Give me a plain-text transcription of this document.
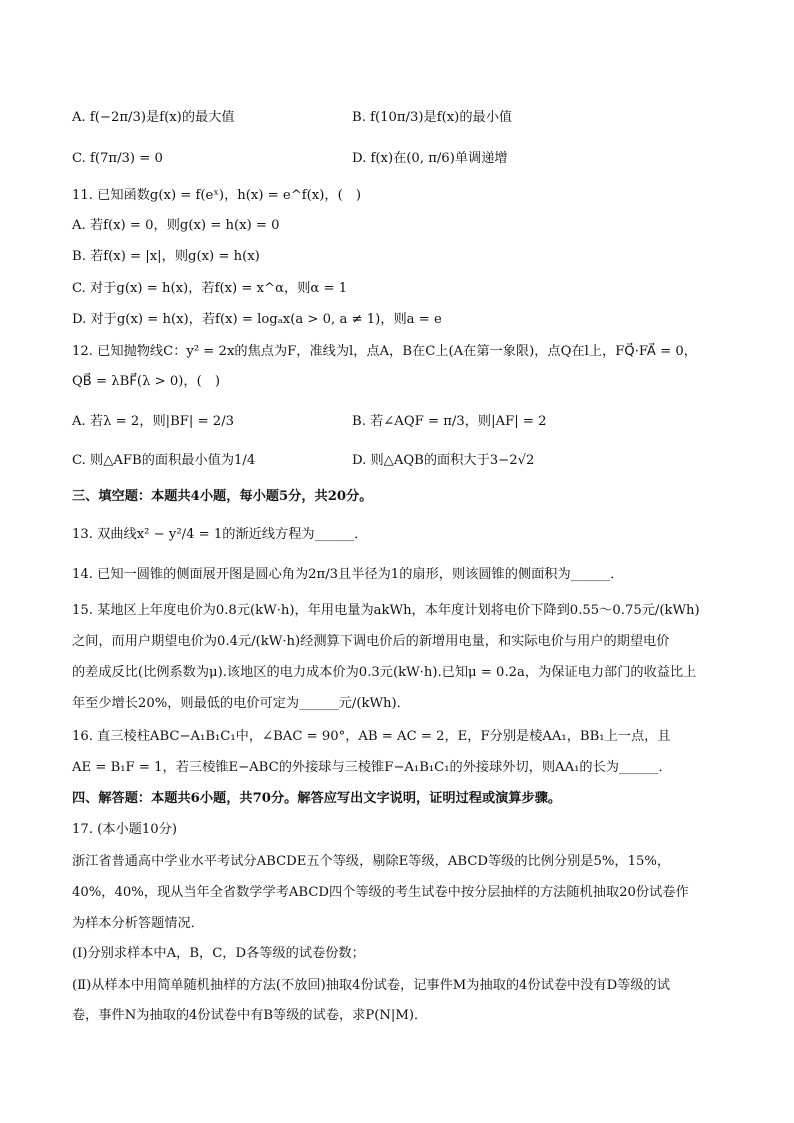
A. f(−2π/3)是f(x)的最大值	B. f(10π/3)是f(x)的最小值
C. f(7π/3) = 0	D. f(x)在(0, π/6)单调递增
11. 已知函数g(x) = f(eˣ)，h(x) = e^f(x)，(　)
A. 若f(x) = 0，则g(x) = h(x) = 0
B. 若f(x) = |x|，则g(x) = h(x)
C. 对于g(x) = h(x)，若f(x) = x^α，则α = 1
D. 对于g(x) = h(x)，若f(x) = logₐx(a > 0, a ≠ 1)，则a = e
12. 已知抛物线C：y² = 2x的焦点为F，准线为l，点A，B在C上(A在第一象限)，点Q在l上，FQ⃗·FA⃗ = 0，
QB⃗ = λBF⃗(λ > 0)，(　)
A. 若λ = 2，则|BF| = 2/3	B. 若∠AQF = π/3，则|AF| = 2
C. 则△AFB的面积最小值为1/4	D. 则△AQB的面积大于3−2√2
三、填空题：本题共4小题，每小题5分，共20分。
13. 双曲线x² − y²/4 = 1的渐近线方程为______．
14. 已知一圆锥的侧面展开图是圆心角为2π/3且半径为1的扇形，则该圆锥的侧面积为______．
15. 某地区上年度电价为0.8元(kW·h)，年用电量为akWh，本年度计划将电价下降到0.55～0.75元/(kWh)
之间，而用户期望电价为0.4元/(kW·h)经测算下调电价后的新增用电量，和实际电价与用户的期望电价
的差成反比(比例系数为μ).该地区的电力成本价为0.3元(kW·h).已知μ = 0.2a，为保证电力部门的收益比上
年至少增长20%，则最低的电价可定为______元/(kWh)．
16. 直三棱柱ABC−A₁B₁C₁中，∠BAC = 90°，AB = AC = 2，E，F分别是棱AA₁，BB₁上一点，且
AE = B₁F = 1，若三棱锥E−ABC的外接球与三棱锥F−A₁B₁C₁的外接球外切，则AA₁的长为______．
四、解答题：本题共6小题，共70分。解答应写出文字说明，证明过程或演算步骤。
17. (本小题10分)
浙江省普通高中学业水平考试分ABCDE五个等级，剔除E等级，ABCD等级的比例分别是5%，15%，
40%，40%，现从当年全省数学学考ABCD四个等级的考生试卷中按分层抽样的方法随机抽取20份试卷作
为样本分析答题情况．
(Ⅰ)分别求样本中A，B，C，D各等级的试卷份数；
(Ⅱ)从样本中用简单随机抽样的方法(不放回)抽取4份试卷，记事件M为抽取的4份试卷中没有D等级的试
卷，事件N为抽取的4份试卷中有B等级的试卷，求P(N|M)．
